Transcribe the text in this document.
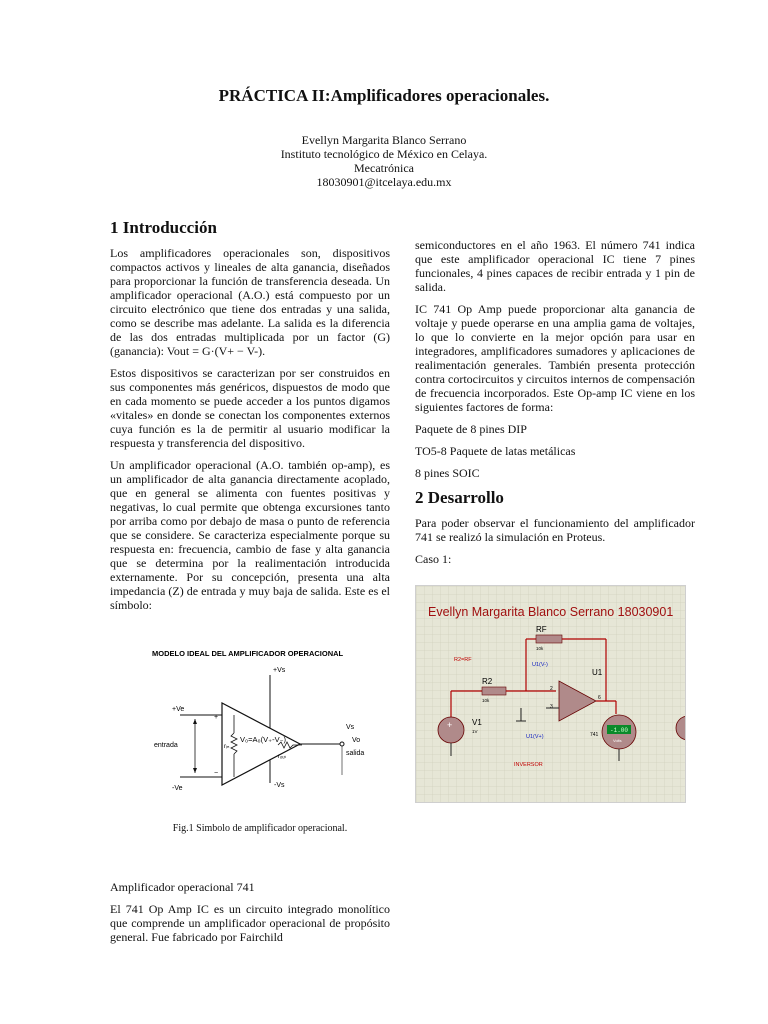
PRÁCTICA II:Amplificadores operacionales.
Evellyn Margarita Blanco Serrano
Instituto tecnológico de México en Celaya.
Mecatrónica
18030901@itcelaya.edu.mx
1 Introducción

Los amplificadores operacionales son, dispositivos compactos activos y lineales de alta ganancia, diseñados para proporcionar la función de transferencia deseada. Un amplificador operacional (A.O.) está compuesto por un circuito electrónico que tiene dos entradas y una salida, como se describe mas adelante. La salida es la diferencia de las dos entradas multiplicada por un factor (G) (ganancia): Vout = G·(V+ − V-).

Estos dispositivos se caracterizan por ser construidos en sus componentes más genéricos, dispuestos de modo que en cada momento se puede acceder a los puntos digamos «vitales» en donde se conectan los componentes externos cuya función es la de permitir al usuario modificar la respuesta y transferencia del dispositivo.

Un amplificador operacional (A.O. también op-amp), es un amplificador de alta ganancia directamente acoplado, que en general se alimenta con fuentes positivas y negativas, lo cual permite que obtenga excursiones tanto por arriba como por debajo de masa o punto de referencia que se considere. Se caracteriza especialmente porque su respuesta en: frecuencia, cambio de fase y alta ganancia que se determina por la realimentación introducida externamente. Por su concepción, presenta una alta impedancia (Z) de entrada y muy baja de salida. Este es el símbolo:

MODELO IDEAL DEL AMPLIFICADOR OPERACIONAL
+Vs
-Vs
+Ve
-Ve
+
−
entrada	rᵢₙ
V₀=A₀(V₊-V₋)
rₒᵤₜ
Vs
Vo
salida
Fig.1 Simbolo de amplificador operacional.

Amplificador operacional 741

El 741 Op Amp IC es un circuito integrado monolítico que comprende un amplificador operacional de propósito general. Fue fabricado por Fairchild

semiconductores en el año 1963. El número 741 indica que este amplificador operacional IC tiene 7 pines funcionales, 4 pines capaces de recibir entrada y 1 pin de salida.

IC 741 Op Amp puede proporcionar alta ganancia de voltaje y puede operarse en una amplia gama de voltajes, lo que lo convierte en la mejor opción para usar en integradores, amplificadores sumadores y aplicaciones de realimentación generales. También presenta protección contra cortocircuitos y circuitos internos de compensación de frecuencia incorporados. Este Op-amp IC viene en los siguientes factores de forma:

Paquete de 8 pines DIP

TO5-8 Paquete de latas metálicas

8 pines SOIC

2 Desarrollo

Para poder observar el funcionamiento del amplificador 741 se realizó la simulación en Proteus.

Caso 1:

Evellyn Margarita Blanco Serrano 18030901
RF
10k
R2=RF
U1(V-)
U1
+ V1
1V
R2
10k
2
3
6
741
-1.00
Volts
U1(V+)
INVERSOR
